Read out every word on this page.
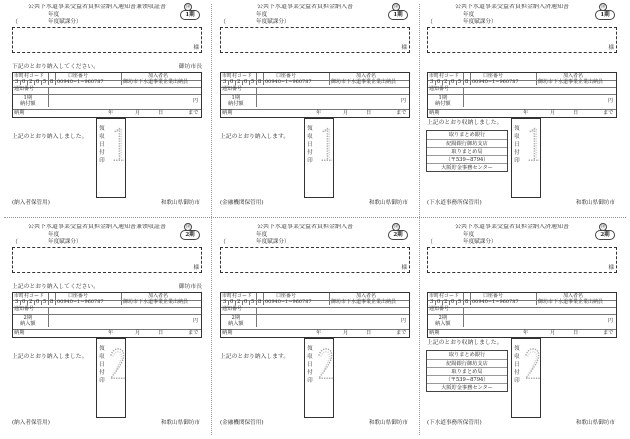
公共下水道事業受益者負担金納入通知書兼領収証書	㊞
年度
（	年度賦課分）
1期
様
下記のとおり納入してください。	御坊市長
市町村コード	口座番号	加入者名
3 0 2 0 5 8 00940−1−960787	御坊市下水道事業企業出納員
通知番号
1期
納付額	円
納期	年	月	日	まで
上記のとおり納入しました。
領収日付印
(納入者保管用)	和歌山県御坊市
公共下水道事業受益者負担金納入書	㊞
年度
（	年度賦課分）
1期
様
市町村コード	口座番号	加入者名
3 0 2 0 5 8 00940−1−960787	御坊市下水道事業企業出納員
通知番号
1期
納付額	円
納期	年	月	日	まで
上記のとおり納入します。
領収日付印
(金融機関保管用)	和歌山県御坊市
公共下水道事業受益者負担金納入済通知書	㊞
年度
（	年度賦課分）
1期
様
市町村コード	口座番号	加入者名
3 0 2 0 5 8 00940−1−960787	御坊市下水道事業企業出納員
通知番号
1期
納付額	円
納期	年	月	日	まで
上記のとおり収納しました。
取りまとめ銀行
紀陽銀行御坊支店
取りまとめ局
（〒539−8794）
大阪貯金事務センター
領収日付印
(下水道事務所保管用)	和歌山県御坊市
公共下水道事業受益者負担金納入通知書兼領収証書	㊞
年度
（	年度賦課分）
2期
様
上記のとおり納入してください。	御坊市長
市町村コード	口座番号	加入者名
3 0 2 0 5 8 00940−1−960787	御坊市下水道事業企業出納員
通知番号
2期
納入額	円
納期	年	月	日	まで
上記のとおり納入しました。
領収日付印
(納入者保管用)	和歌山県御坊市
公共下水道事業受益者負担金納入書	㊞
年度
（	年度賦課分）
2期
様
市町村コード	口座番号	加入者名
3 0 2 0 5 8 00940−1−960787	御坊市下水道事業企業出納員
通知番号
2期
納入額	円
納期	年	月	日	まで
上記のとおり納入します。
領収日付印
(金融機関保管用)	和歌山県御坊市
公共下水道事業受益者負担金納入済通知書	㊞
年度
（	年度賦課分）
2期
様
市町村コード	口座番号	加入者名
3 0 2 0 5 8 00940−1−960787	御坊市下水道事業企業出納員
通知番号
2期
納入額	円
納期	年	月	日	まで
上記のとおり収納しました。
取りまとめ銀行
紀陽銀行御坊支店
取りまとめ局
（〒539−8794）
大阪貯金事務センター
領収日付印
(下水道事務所保管用)	和歌山県御坊市
